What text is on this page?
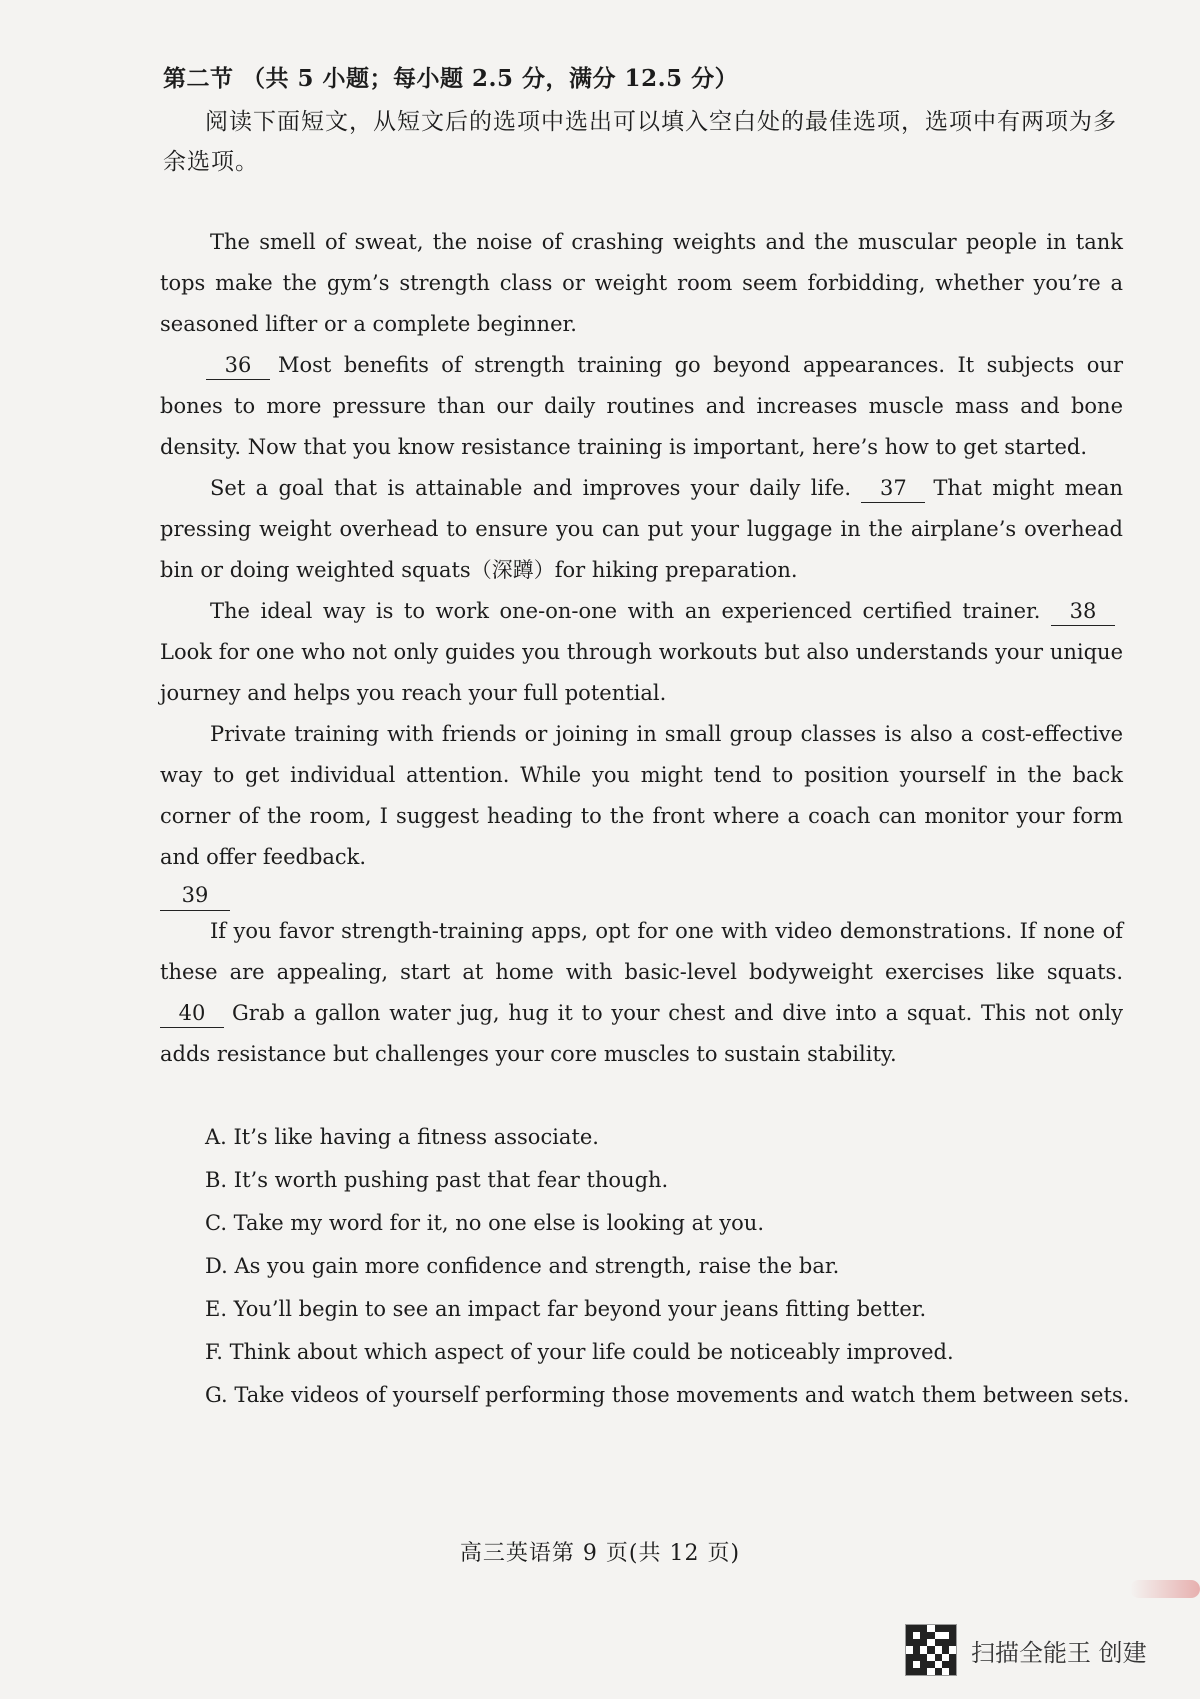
第二节 （共 5 小题；每小题 2.5 分，满分 12.5 分）
阅读下面短文，从短文后的选项中选出可以填入空白处的最佳选项，选项中有两项为多余选项。

The smell of sweat, the noise of crashing weights and the muscular people in tank tops make the gym’s strength class or weight room seem forbidding, whether you’re a seasoned lifter or a complete beginner.

36 Most benefits of strength training go beyond appearances. It subjects our bones to more pressure than our daily routines and increases muscle mass and bone density. Now that you know resistance training is important, here’s how to get started.

Set a goal that is attainable and improves your daily life. 37 That might mean pressing weight overhead to ensure you can put your luggage in the airplane’s overhead bin or doing weighted squats（深蹲）for hiking preparation.

The ideal way is to work one-on-one with an experienced certified trainer. 38Look for one who not only guides you through workouts but also understands your unique journey and helps you reach your full potential.

Private training with friends or joining in small group classes is also a cost-effective way to get individual attention. While you might tend to position yourself in the back corner of the room, I suggest heading to the front where a coach can monitor your form and offer feedback.
39

If you favor strength-training apps, opt for one with video demonstrations. If none of these are appealing, start at home with basic-level bodyweight exercises like squats. 40 Grab a gallon water jug, hug it to your chest and dive into a squat. This not only adds resistance but challenges your core muscles to sustain stability.

A. It’s like having a fitness associate.
B. It’s worth pushing past that fear though.
C. Take my word for it, no one else is looking at you.
D. As you gain more confidence and strength, raise the bar.
E. You’ll begin to see an impact far beyond your jeans fitting better.
F. Think about which aspect of your life could be noticeably improved.
G. Take videos of yourself performing those movements and watch them between sets.
高三英语第 9 页(共 12 页)
扫描全能王 创建
